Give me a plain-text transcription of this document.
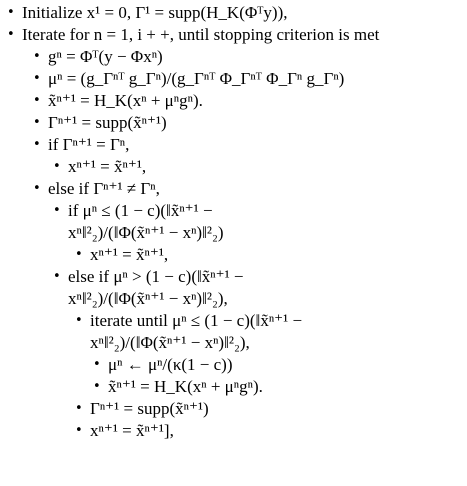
• Initialize x¹ = 0, Γ¹ = supp(H_K(Φᵀy)),
• Iterate for n = 1, i + +, until stopping criterion is met
• gⁿ = Φᵀ(y − Φxⁿ)
• μⁿ = (g_Γⁿᵀ g_Γⁿ)/(g_Γⁿᵀ Φ_Γⁿᵀ Φ_Γⁿ g_Γⁿ)
• x̃ⁿ⁺¹ = H_K(xⁿ + μⁿgⁿ).
• Γⁿ⁺¹ = supp(x̃ⁿ⁺¹)
• if Γⁿ⁺¹ = Γⁿ,
• xⁿ⁺¹ = x̃ⁿ⁺¹,
• else if Γⁿ⁺¹ ≠ Γⁿ,
• if μⁿ ≤ (1 − c)(‖x̃ⁿ⁺¹ −
xⁿ‖²₂)/(‖Φ(x̃ⁿ⁺¹ − xⁿ)‖²₂)
• xⁿ⁺¹ = x̃ⁿ⁺¹,
• else if μⁿ > (1 − c)(‖x̃ⁿ⁺¹ −
xⁿ‖²₂)/(‖Φ(x̃ⁿ⁺¹ − xⁿ)‖²₂),
• iterate until μⁿ ≤ (1 − c)(‖x̃ⁿ⁺¹ −
xⁿ‖²₂)/(‖Φ(x̃ⁿ⁺¹ − xⁿ)‖²₂),
• μⁿ ← μⁿ/(κ(1 − c))
• x̃ⁿ⁺¹ = H_K(xⁿ + μⁿgⁿ).
• Γⁿ⁺¹ = supp(x̃ⁿ⁺¹)
• xⁿ⁺¹ = x̃ⁿ⁺¹],
